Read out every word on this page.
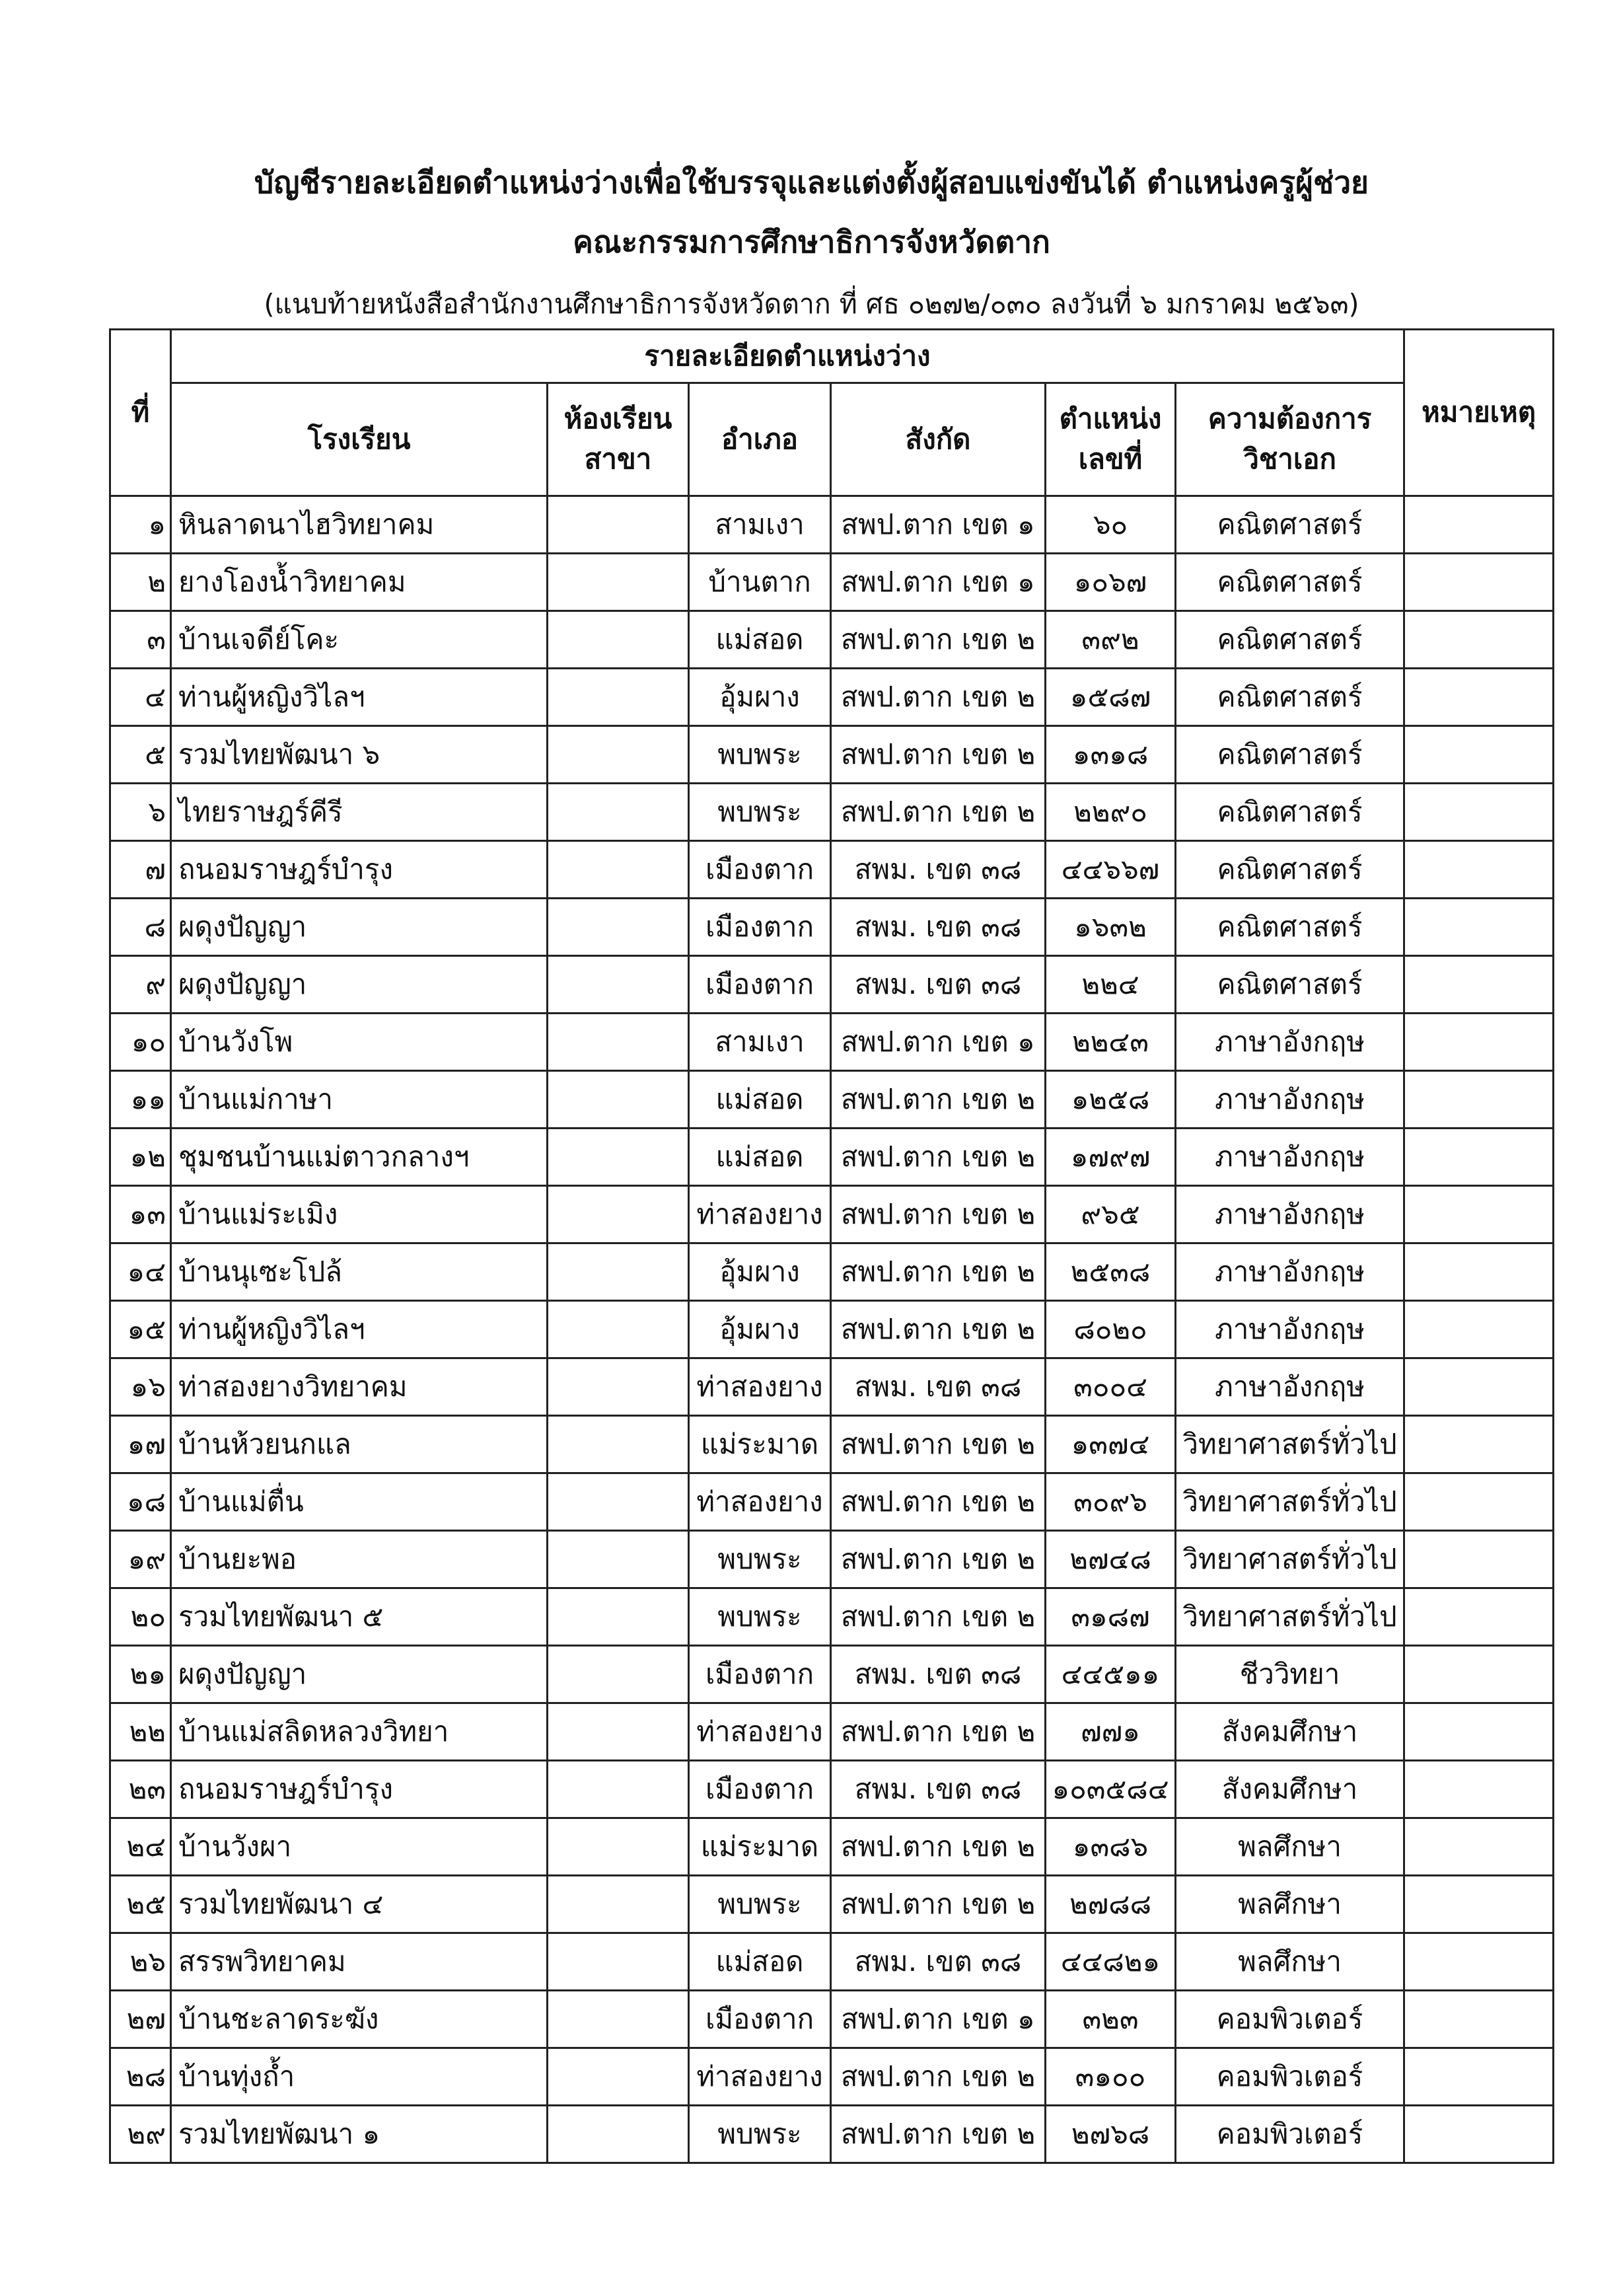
บัญชีรายละเอียดตำแหน่งว่างเพื่อใช้บรรจุและแต่งตั้งผู้สอบแข่งขันได้ ตำแหน่งครูผู้ช่วย
คณะกรรมการศึกษาธิการจังหวัดตาก
(แนบท้ายหนังสือสำนักงานศึกษาธิการจังหวัดตาก ที่ ศธ ๐๒๗๒/๐๓๐ ลงวันที่ ๖ มกราคม ๒๕๖๓)
ที่	รายละเอียดตำแหน่งว่าง						หมายเหตุ
	โรงเรียน	ห้องเรียน สาขา	อำเภอ	สังกัด	ตำแหน่ง เลขที่	ความต้องการ วิชาเอก	
๑	หินลาดนาไฮวิทยาคม		สามเงา	สพป.ตาก เขต ๑	๖๐	คณิตศาสตร์	
๒	ยางโองน้ำวิทยาคม		บ้านตาก	สพป.ตาก เขต ๑	๑๐๖๗	คณิตศาสตร์	
๓	บ้านเจดีย์โคะ		แม่สอด	สพป.ตาก เขต ๒	๓๙๒	คณิตศาสตร์	
๔	ท่านผู้หญิงวิไลฯ		อุ้มผาง	สพป.ตาก เขต ๒	๑๕๘๗	คณิตศาสตร์	
๕	รวมไทยพัฒนา ๖		พบพระ	สพป.ตาก เขต ๒	๑๓๑๘	คณิตศาสตร์	
๖	ไทยราษฎร์คีรี		พบพระ	สพป.ตาก เขต ๒	๒๒๙๐	คณิตศาสตร์	
๗	ถนอมราษฎร์บำรุง		เมืองตาก	สพม. เขต ๓๘	๔๔๖๖๗	คณิตศาสตร์	
๘	ผดุงปัญญา		เมืองตาก	สพม. เขต ๓๘	๑๖๓๒	คณิตศาสตร์	
๙	ผดุงปัญญา		เมืองตาก	สพม. เขต ๓๘	๒๒๔	คณิตศาสตร์	
๑๐	บ้านวังโพ		สามเงา	สพป.ตาก เขต ๑	๒๒๔๓	ภาษาอังกฤษ	
๑๑	บ้านแม่กาษา		แม่สอด	สพป.ตาก เขต ๒	๑๒๕๘	ภาษาอังกฤษ	
๑๒	ชุมชนบ้านแม่ตาวกลางฯ		แม่สอด	สพป.ตาก เขต ๒	๑๗๙๗	ภาษาอังกฤษ	
๑๓	บ้านแม่ระเมิง		ท่าสองยาง	สพป.ตาก เขต ๒	๙๖๕	ภาษาอังกฤษ	
๑๔	บ้านนุเซะโปล้		อุ้มผาง	สพป.ตาก เขต ๒	๒๕๓๘	ภาษาอังกฤษ	
๑๕	ท่านผู้หญิงวิไลฯ		อุ้มผาง	สพป.ตาก เขต ๒	๘๐๒๐	ภาษาอังกฤษ	
๑๖	ท่าสองยางวิทยาคม		ท่าสองยาง	สพม. เขต ๓๘	๓๐๐๔	ภาษาอังกฤษ	
๑๗	บ้านห้วยนกแล		แม่ระมาด	สพป.ตาก เขต ๒	๑๓๗๔	วิทยาศาสตร์ทั่วไป	
๑๘	บ้านแม่ตื่น		ท่าสองยาง	สพป.ตาก เขต ๒	๓๐๙๖	วิทยาศาสตร์ทั่วไป	
๑๙	บ้านยะพอ		พบพระ	สพป.ตาก เขต ๒	๒๗๔๘	วิทยาศาสตร์ทั่วไป	
๒๐	รวมไทยพัฒนา ๕		พบพระ	สพป.ตาก เขต ๒	๓๑๘๗	วิทยาศาสตร์ทั่วไป	
๒๑	ผดุงปัญญา		เมืองตาก	สพม. เขต ๓๘	๔๔๕๑๑	ชีววิทยา	
๒๒	บ้านแม่สลิดหลวงวิทยา		ท่าสองยาง	สพป.ตาก เขต ๒	๗๗๑	สังคมศึกษา	
๒๓	ถนอมราษฎร์บำรุง		เมืองตาก	สพม. เขต ๓๘	๑๐๓๕๘๔	สังคมศึกษา	
๒๔	บ้านวังผา		แม่ระมาด	สพป.ตาก เขต ๒	๑๓๘๖	พลศึกษา	
๒๕	รวมไทยพัฒนา ๔		พบพระ	สพป.ตาก เขต ๒	๒๗๘๘	พลศึกษา	
๒๖	สรรพวิทยาคม		แม่สอด	สพม. เขต ๓๘	๔๔๘๒๑	พลศึกษา	
๒๗	บ้านชะลาดระฆัง		เมืองตาก	สพป.ตาก เขต ๑	๓๒๓	คอมพิวเตอร์	
๒๘	บ้านทุ่งถ้ำ		ท่าสองยาง	สพป.ตาก เขต ๒	๓๑๐๐	คอมพิวเตอร์	
๒๙	รวมไทยพัฒนา ๑		พบพระ	สพป.ตาก เขต ๒	๒๗๖๘	คอมพิวเตอร์	
